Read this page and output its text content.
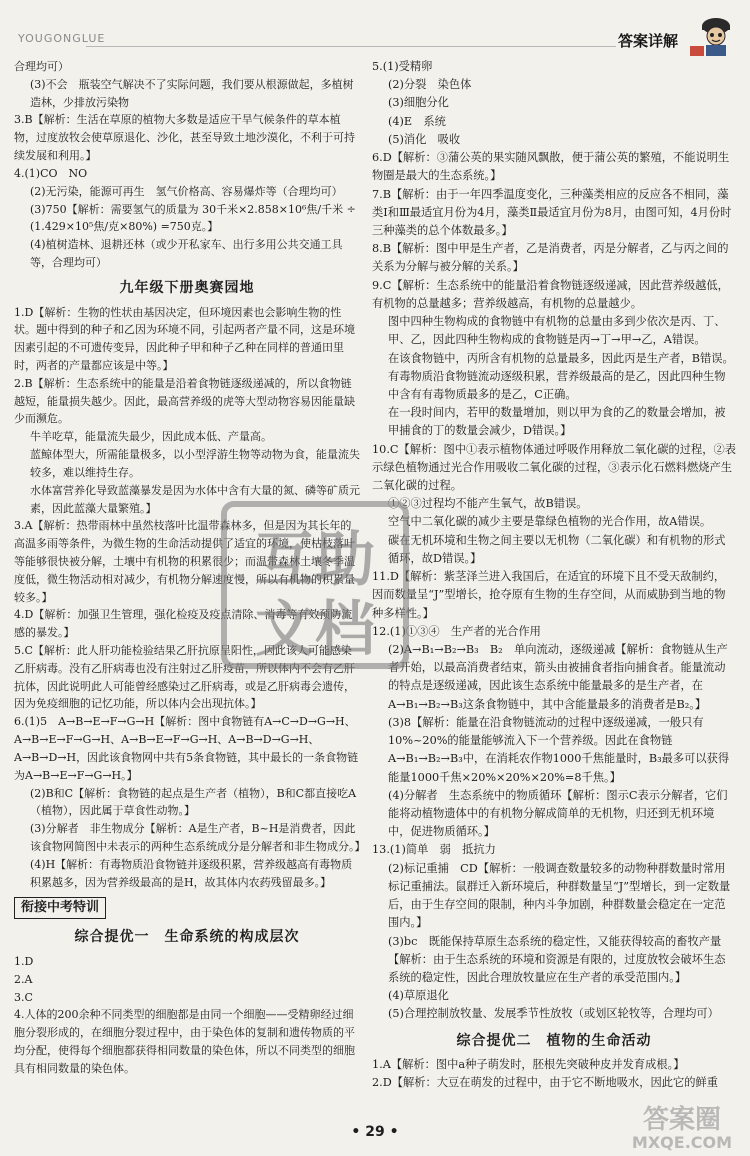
YOUGONGLUE	答案详解
合理均可）
(3)不会　瓶装空气解决不了实际问题，我们要从根源做起，多植树造林，少排放污染物
3.B【解析：生活在草原的植物大多数是适应干旱气候条件的草本植物，过度放牧会使草原退化、沙化，甚至导致土地沙漠化，不利于可持续发展和利用。】
4.(1)CO　NO
(2)无污染，能源可再生　氢气价格高、容易爆炸等（合理均可）
(3)750【解析：需要氢气的质量为 30千米×2.858×10⁶焦/千米 ÷ (1.429×10⁵焦/克×80%) =750克。】
(4)植树造林、退耕还林（或少开私家车、出行多用公共交通工具等，合理均可）
九年级下册奥赛园地
1.D【解析：生物的性状由基因决定，但环境因素也会影响生物的性状。题中得到的种子和乙因为环境不同，引起两者产量不同，这是环境因素引起的不可遗传变异，因此种子甲和种子乙种在同样的普通田里时，两者的产量都应该是中等。】
2.B【解析：生态系统中的能量是沿着食物链逐级递减的，所以食物链越短，能量损失越少。因此，最高营养级的虎等大型动物容易因能量缺少而濒危。
牛羊吃草，能量流失最少，因此成本低、产量高。
蓝鲸体型大，所需能量极多，以小型浮游生物等动物为食，能量流失较多，难以维持生存。
水体富营养化导致蓝藻暴发是因为水体中含有大量的氮、磷等矿质元素，因此蓝藻大量繁殖。】
3.A【解析：热带雨林中虽然枝落叶比温带森林多，但是因为其长年的高温多雨等条件，为微生物的生命活动提供了适宜的环境，使枯枝落叶等能够很快被分解，土壤中有机物的积累很少；而温带森林土壤冬季温度低，微生物活动相对减少，有机物分解速度慢，所以有机物的积累量较多。】
4.D【解析：加强卫生管理，强化检疫及疫点清除、消毒等有效预防流感的暴发。】
5.C【解析：此人肝功能检验结果乙肝抗原呈阳性，因此该人可能感染乙肝病毒。没有乙肝病毒也没有注射过乙肝疫苗，所以体内不会有乙肝抗体，因此说明此人可能曾经感染过乙肝病毒，或是乙肝病毒会遗传，因为免疫细胞的记忆功能，所以体内会出现抗体。】
6.(1)5　A→B→E→F→G→H【解析：图中食物链有A→C→D→G→H、A→B→E→F→G→H、A→B→E→F→G→H、A→B→D→G→H、A→B→D→H，因此该食物网中共有5条食物链，其中最长的一条食物链为A→B→E→F→G→H。】
(2)B和C【解析：食物链的起点是生产者（植物），B和C都直接吃A（植物），因此属于草食性动物。】
(3)分解者　非生物成分【解析：A是生产者，B~H是消费者，因此该食物网简图中未表示的两种生态系统成分是分解者和非生物成分。】
(4)H【解析：有毒物质沿食物链并逐级积累，营养级越高有毒物质积累越多，因为营养级最高的是H，故其体内农药残留最多。】
衔接中考特训
综合提优一　生命系统的构成层次
1.D
2.A
3.C
4.人体的200余种不同类型的细胞都是由同一个细胞——受精卵经过细胞分裂形成的，在细胞分裂过程中，由于染色体的复制和遗传物质的平均分配，使得每个细胞都获得相同数量的染色体，所以不同类型的细胞具有相同数量的染色体。
5.(1)受精卵
(2)分裂　染色体
(3)细胞分化
(4)E　系统
(5)消化　吸收
6.D【解析：③蒲公英的果实随风飘散，便于蒲公英的繁殖，不能说明生物圈是最大的生态系统。】
7.B【解析：由于一年四季温度变化，三种藻类相应的反应各不相同，藻类Ⅰ和Ⅲ最适宜月份为4月，藻类Ⅱ最适宜月份为8月，由图可知，4月份时三种藻类的总个体数最多。】
8.B【解析：图中甲是生产者，乙是消费者，丙是分解者，乙与丙之间的关系为分解与被分解的关系。】
9.C【解析：生态系统中的能量沿着食物链逐级递减，因此营养级越低，有机物的总量越多；营养级越高，有机物的总量越少。
图中四种生物构成的食物链中有机物的总量由多到少依次是丙、丁、甲、乙，因此四种生物构成的食物链是丙→丁→甲→乙，A错误。
在该食物链中，丙所含有机物的总量最多，因此丙是生产者，B错误。
有毒物质沿食物链流动逐级积累，营养级最高的是乙，因此四种生物中含有有毒物质最多的是乙，C正确。
在一段时间内，若甲的数量增加，则以甲为食的乙的数量会增加，被甲捕食的丁的数量会减少，D错误。】
10.C【解析：图中①表示植物体通过呼吸作用释放二氧化碳的过程，②表示绿色植物通过光合作用吸收二氧化碳的过程，③表示化石燃料燃烧产生二氧化碳的过程。
①②③过程均不能产生氧气，故B错误。
空气中二氧化碳的减少主要是靠绿色植物的光合作用，故A错误。
碳在无机环境和生物之间主要以无机物（二氧化碳）和有机物的形式循环，故D错误。】
11.D【解析：紫茎泽兰进入我国后，在适宜的环境下且不受天敌制约，因而数量呈“J”型增长，抢夺原有生物的生存空间，从而威胁到当地的物种多样性。】
12.(1)①③④　生产者的光合作用
(2)A→B₁→B₂→B₃　B₂　单向流动，逐级递减【解析：食物链从生产者开始，以最高消费者结束，箭头由被捕食者指向捕食者。能量流动的特点是逐级递减，因此该生态系统中能量最多的是生产者，在A→B₁→B₂→B₃这条食物链中，其中含能量最多的消费者是B₂。】
(3)8【解析：能量在沿食物链流动的过程中逐级递减，一般只有10%~20%的能量能够流入下一个营养级。因此在食物链A→B₁→B₂→B₃中，在消耗农作物1000千焦能量时，B₃最多可以获得能量1000千焦×20%×20%×20%=8千焦。】
(4)分解者　生态系统中的物质循环【解析：图示C表示分解者，它们能将动植物遗体中的有机物分解成简单的无机物，归还到无机环境中，促进物质循环。】
13.(1)简单　弱　抵抗力
(2)标记重捕　CD【解析：一般调查数量较多的动物种群数量时常用标记重捕法。鼠群迁入新环境后，种群数量呈“J”型增长，到一定数量后，由于生存空间的限制，种内斗争加剧，种群数量会稳定在一定范围内。】
(3)bc　既能保持草原生态系统的稳定性，又能获得较高的畜牧产量【解析：由于生态系统的环境和资源是有限的，过度放牧会破坏生态系统的稳定性，因此合理放牧量应在生产者的承受范围内。】
(4)草原退化
(5)合理控制放牧量、发展季节性放牧（或划区轮牧等，合理均可）
综合提优二　植物的生命活动
1.A【解析：图中a种子萌发时，胚根先突破种皮并发育成根。】
2.D【解析：大豆在萌发的过程中，由于它不断地吸水，因此它的鲜重
互助
文档
• 29 •	答案圈
MXQE.COM
